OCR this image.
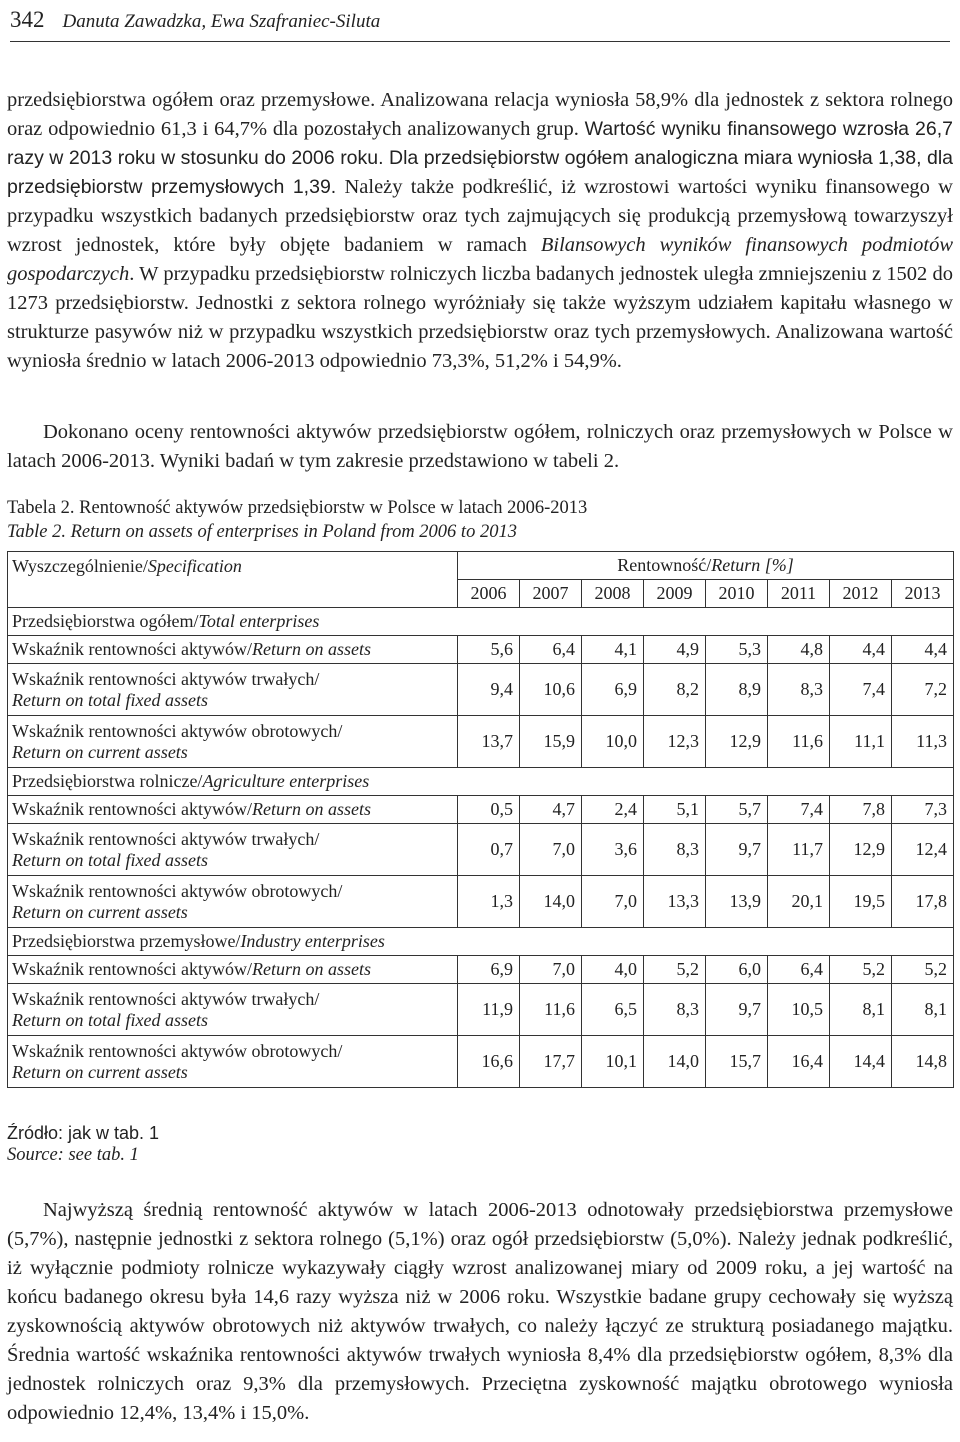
342 Danuta Zawadzka, Ewa Szafraniec-Siluta

przedsiębiorstwa ogółem oraz przemysłowe. Analizowana relacja wyniosła 58,9% dla jednostek z sektora rolnego oraz odpowiednio 61,3 i 64,7% dla pozostałych analizowanych grup. Wartość wyniku finansowego wzrosła 26,7 razy w 2013 roku w stosunku do 2006 roku. Dla przedsiębiorstw ogółem analogiczna miara wyniosła 1,38, dla przedsiębiorstw przemysłowych 1,39. Należy także podkreślić, iż wzrostowi wartości wyniku finansowego w przypadku wszystkich badanych przedsiębiorstw oraz tych zajmujących się produkcją przemysłową towarzyszył wzrost jednostek, które były objęte badaniem w ramach Bilansowych wyników finansowych podmiotów gospodarczych. W przypadku przedsiębiorstw rolniczych liczba badanych jednostek uległa zmniejszeniu z 1502 do 1273 przedsiębiorstw. Jednostki z sektora rolnego wyróżniały się także wyższym udziałem kapitału własnego w strukturze pasywów niż w przypadku wszystkich przedsiębiorstw oraz tych przemysłowych. Analizowana wartość wyniosła średnio w latach 2006-2013 odpowiednio 73,3%, 51,2% i 54,9%.

Dokonano oceny rentowności aktywów przedsiębiorstw ogółem, rolniczych oraz przemysłowych w Polsce w latach 2006-2013. Wyniki badań w tym zakresie przedstawiono w tabeli 2.

Tabela 2. Rentowność aktywów przedsiębiorstw w Polsce w latach 2006-2013
Table 2. Return on assets of enterprises in Poland from 2006 to 2013
Wyszczególnienie/Specification	Rentowność/Return [%]							
	2006	2007	2008	2009	2010	2011	2012	2013
Przedsiębiorstwa ogółem/Total enterprises								
Wskaźnik rentowności aktywów/Return on assets	5,6	6,4	4,1	4,9	5,3	4,8	4,4	4,4
Wskaźnik rentowności aktywów trwałych/
Return on total fixed assets	9,4	10,6	6,9	8,2	8,9	8,3	7,4	7,2
Wskaźnik rentowności aktywów obrotowych/
Return on current assets	13,7	15,9	10,0	12,3	12,9	11,6	11,1	11,3
Przedsiębiorstwa rolnicze/Agriculture enterprises								
Wskaźnik rentowności aktywów/Return on assets	0,5	4,7	2,4	5,1	5,7	7,4	7,8	7,3
Wskaźnik rentowności aktywów trwałych/
Return on total fixed assets	0,7	7,0	3,6	8,3	9,7	11,7	12,9	12,4
Wskaźnik rentowności aktywów obrotowych/
Return on current assets	1,3	14,0	7,0	13,3	13,9	20,1	19,5	17,8
Przedsiębiorstwa przemysłowe/Industry enterprises								
Wskaźnik rentowności aktywów/Return on assets	6,9	7,0	4,0	5,2	6,0	6,4	5,2	5,2
Wskaźnik rentowności aktywów trwałych/
Return on total fixed assets	11,9	11,6	6,5	8,3	9,7	10,5	8,1	8,1
Wskaźnik rentowności aktywów obrotowych/
Return on current assets	16,6	17,7	10,1	14,0	15,7	16,4	14,4	14,8
Źródło: jak w tab. 1
Source: see tab. 1

Najwyższą średnią rentowność aktywów w latach 2006-2013 odnotowały przedsiębiorstwa przemysłowe (5,7%), następnie jednostki z sektora rolnego (5,1%) oraz ogół przedsiębiorstw (5,0%). Należy jednak podkreślić, iż wyłącznie podmioty rolnicze wykazywały ciągły wzrost analizowanej miary od 2009 roku, a jej wartość na końcu badanego okresu była 14,6 razy wyższa niż w 2006 roku. Wszystkie badane grupy cechowały się wyższą zyskownością aktywów obrotowych niż aktywów trwałych, co należy łączyć ze strukturą posiadanego majątku. Średnia wartość wskaźnika rentowności aktywów trwałych wyniosła 8,4% dla przedsiębiorstw ogółem, 8,3% dla jednostek rolniczych oraz 9,3% dla przemysłowych. Przeciętna zyskowność majątku obrotowego wyniosła odpowiednio 12,4%, 13,4% i 15,0%.
